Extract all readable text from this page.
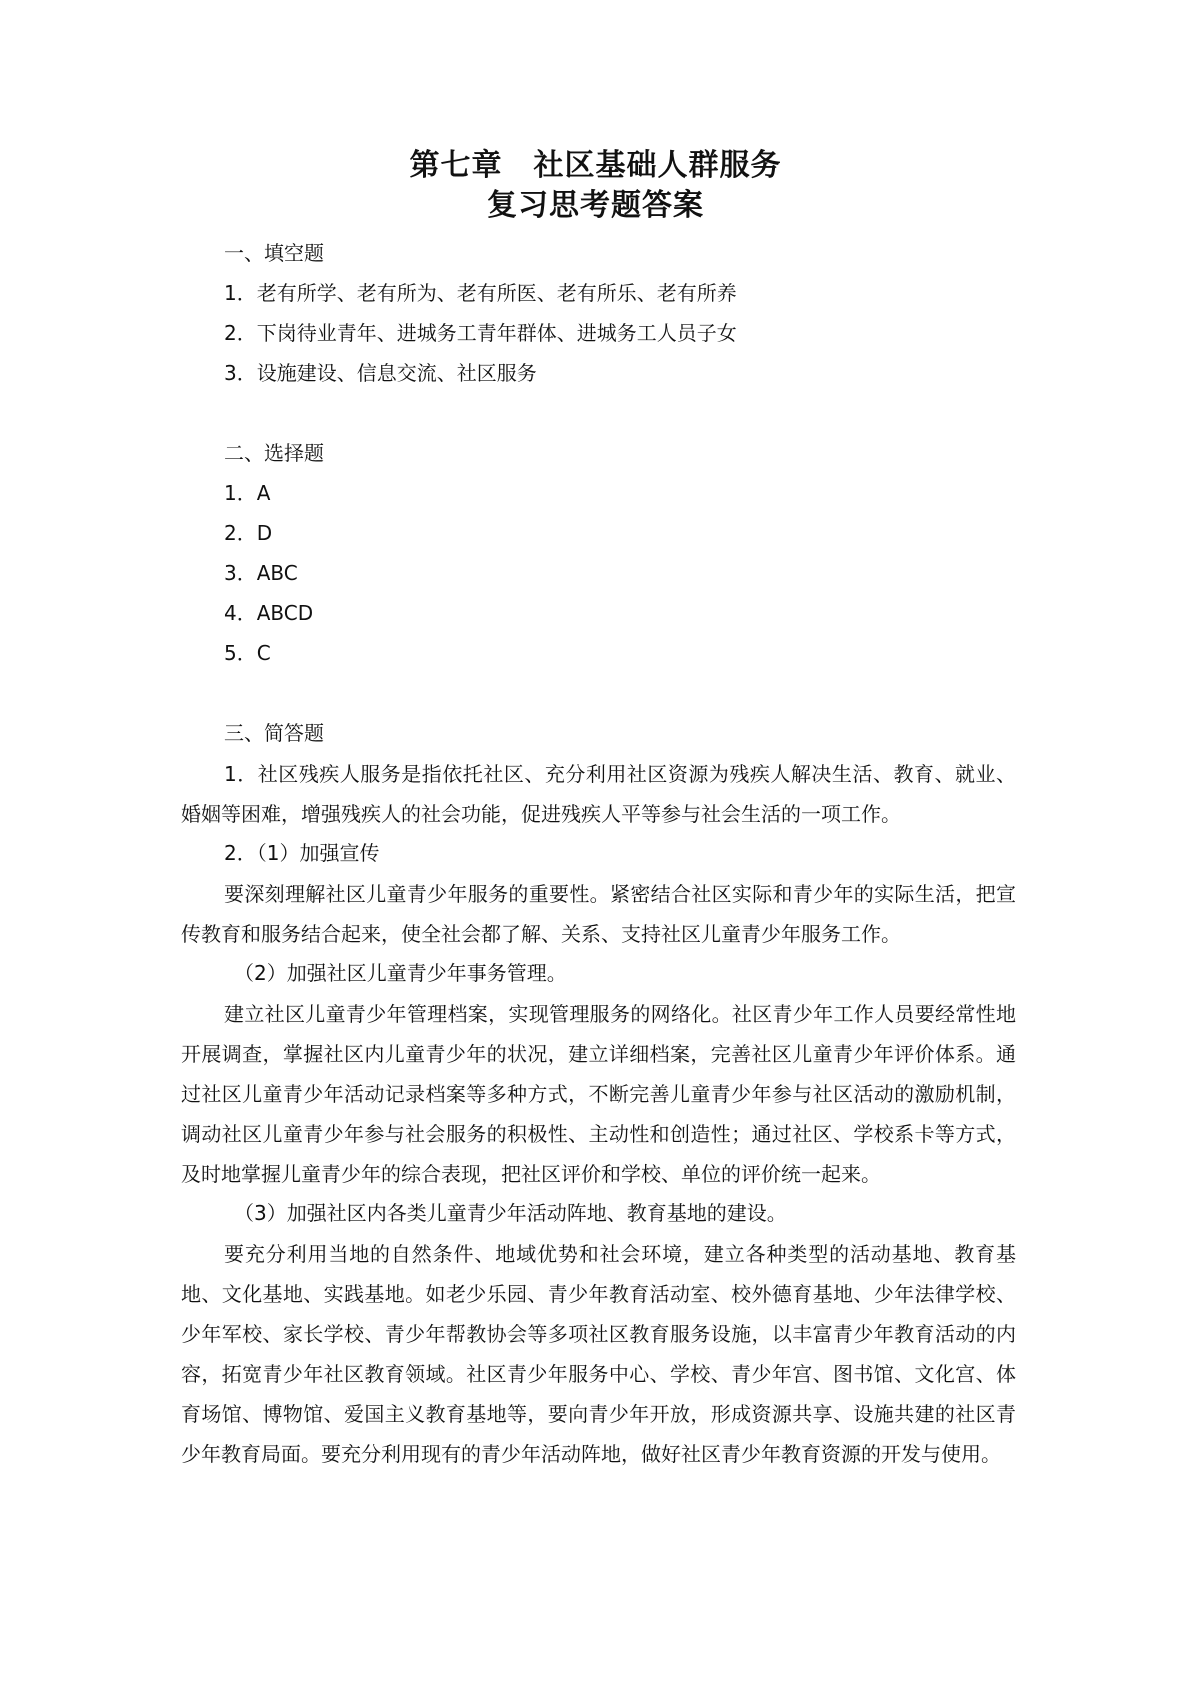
第七章　社区基础人群服务
复习思考题答案
一、填空题
1．老有所学、老有所为、老有所医、老有所乐、老有所养
2．下岗待业青年、进城务工青年群体、进城务工人员子女
3．设施建设、信息交流、社区服务
二、选择题
1．A
2．D
3．ABC
4．ABCD
5．C
三、简答题
1．社区残疾人服务是指依托社区、充分利用社区资源为残疾人解决生活、教育、就业、婚姻等困难，增强残疾人的社会功能，促进残疾人平等参与社会生活的一项工作。
2．（1）加强宣传
要深刻理解社区儿童青少年服务的重要性。紧密结合社区实际和青少年的实际生活，把宣传教育和服务结合起来，使全社会都了解、关系、支持社区儿童青少年服务工作。
（2）加强社区儿童青少年事务管理。
建立社区儿童青少年管理档案，实现管理服务的网络化。社区青少年工作人员要经常性地开展调查，掌握社区内儿童青少年的状况，建立详细档案，完善社区儿童青少年评价体系。通过社区儿童青少年活动记录档案等多种方式，不断完善儿童青少年参与社区活动的激励机制，调动社区儿童青少年参与社会服务的积极性、主动性和创造性；通过社区、学校系卡等方式，及时地掌握儿童青少年的综合表现，把社区评价和学校、单位的评价统一起来。
（3）加强社区内各类儿童青少年活动阵地、教育基地的建设。
要充分利用当地的自然条件、地域优势和社会环境，建立各种类型的活动基地、教育基地、文化基地、实践基地。如老少乐园、青少年教育活动室、校外德育基地、少年法律学校、少年军校、家长学校、青少年帮教协会等多项社区教育服务设施，以丰富青少年教育活动的内容，拓宽青少年社区教育领域。社区青少年服务中心、学校、青少年宫、图书馆、文化宫、体育场馆、博物馆、爱国主义教育基地等，要向青少年开放，形成资源共享、设施共建的社区青少年教育局面。要充分利用现有的青少年活动阵地，做好社区青少年教育资源的开发与使用。
